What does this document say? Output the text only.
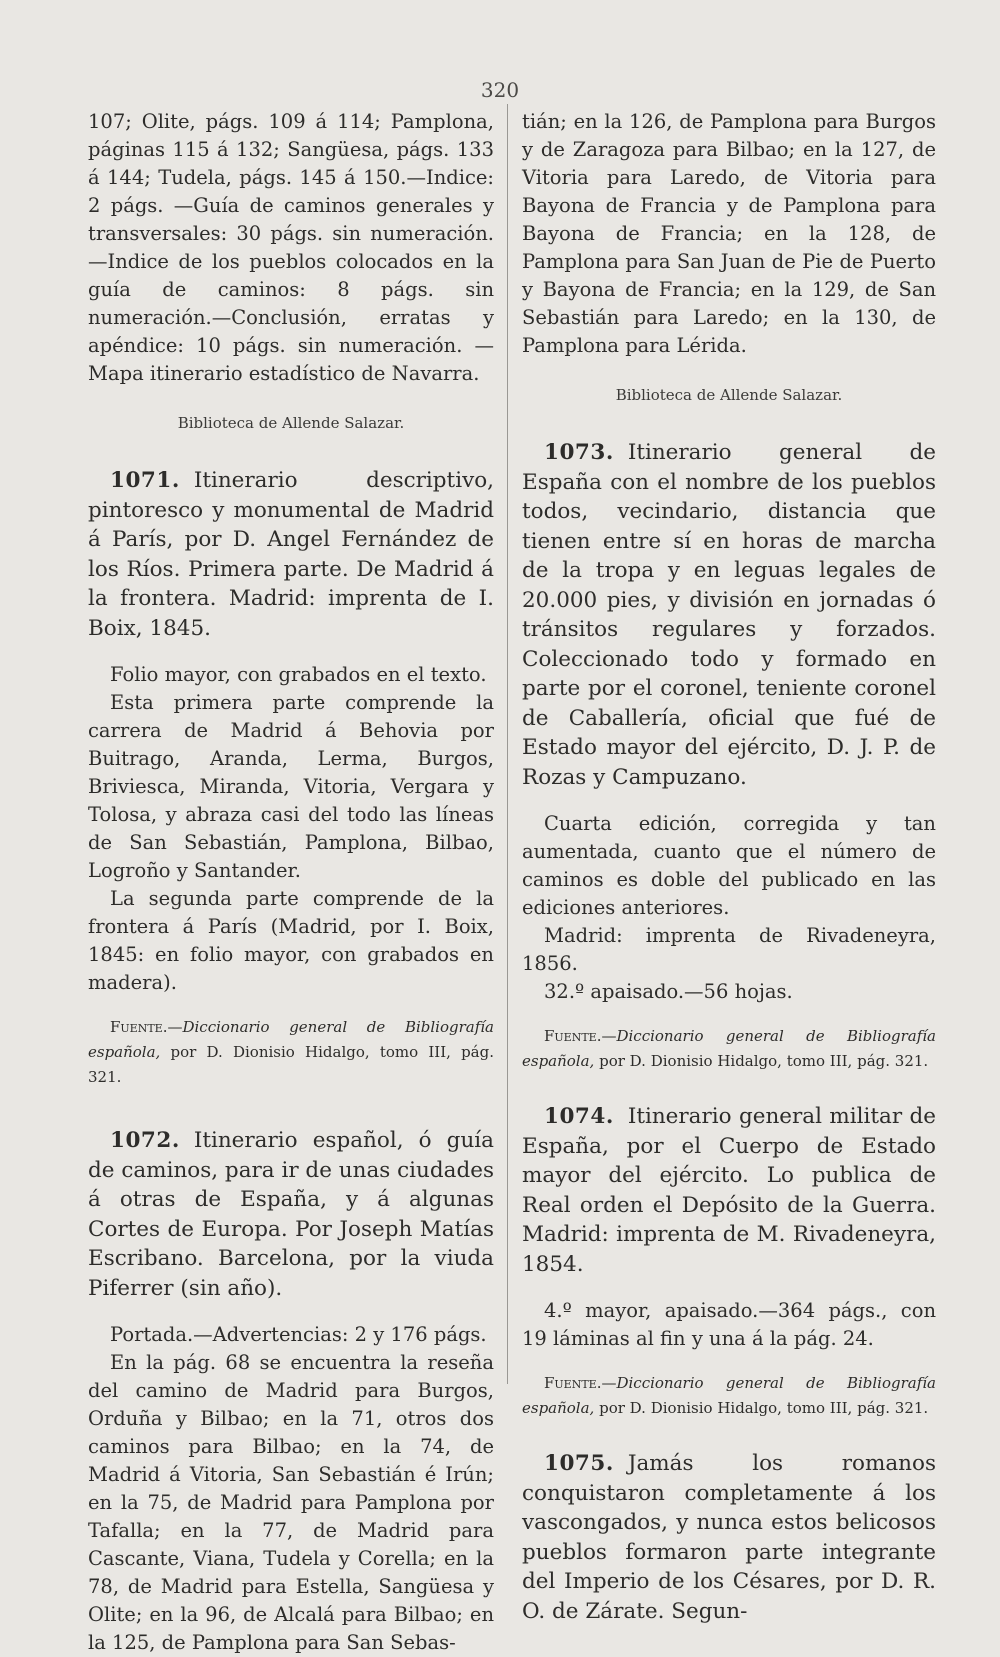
320

107; Olite, págs. 109 á 114; Pamplona, páginas 115 á 132; Sangüesa, págs. 133 á 144; Tudela, págs. 145 á 150.—Indice: 2 págs. —Guía de caminos generales y transversales: 30 págs. sin numeración.—Indice de los pueblos colocados en la guía de caminos: 8 págs. sin numeración.—Conclusión, erratas y apéndice: 10 págs. sin numeración. —Mapa itinerario estadístico de Navarra.

Biblioteca de Allende Salazar.

1071. Itinerario descriptivo, pintoresco y monumental de Madrid á París, por D. Angel Fernández de los Ríos. Primera parte. De Madrid á la frontera. Madrid: imprenta de I. Boix, 1845.

Folio mayor, con grabados en el texto.

Esta primera parte comprende la carrera de Madrid á Behovia por Buitrago, Aranda, Lerma, Burgos, Briviesca, Miranda, Vitoria, Vergara y Tolosa, y abraza casi del todo las líneas de San Sebastián, Pamplona, Bilbao, Logroño y Santander.

La segunda parte comprende de la frontera á París (Madrid, por I. Boix, 1845: en folio mayor, con grabados en madera).

Fuente.—Diccionario general de Bibliografía española, por D. Dionisio Hidalgo, tomo III, pág. 321.

1072. Itinerario español, ó guía de caminos, para ir de unas ciudades á otras de España, y á algunas Cortes de Europa. Por Joseph Matías Escribano. Barcelona, por la viuda Piferrer (sin año).

Portada.—Advertencias: 2 y 176 págs.

En la pág. 68 se encuentra la reseña del camino de Madrid para Burgos, Orduña y Bilbao; en la 71, otros dos caminos para Bilbao; en la 74, de Madrid á Vitoria, San Sebastián é Irún; en la 75, de Madrid para Pamplona por Tafalla; en la 77, de Madrid para Cascante, Viana, Tudela y Corella; en la 78, de Madrid para Estella, Sangüesa y Olite; en la 96, de Alcalá para Bilbao; en la 125, de Pamplona para San Sebas-

tián; en la 126, de Pamplona para Burgos y de Zaragoza para Bilbao; en la 127, de Vitoria para Laredo, de Vitoria para Bayona de Francia y de Pamplona para Bayona de Francia; en la 128, de Pamplona para San Juan de Pie de Puerto y Bayona de Francia; en la 129, de San Sebastián para Laredo; en la 130, de Pamplona para Lérida.

Biblioteca de Allende Salazar.

1073. Itinerario general de España con el nombre de los pueblos todos, vecindario, distancia que tienen entre sí en horas de marcha de la tropa y en leguas legales de 20.000 pies, y división en jornadas ó tránsitos regulares y forzados. Coleccionado todo y formado en parte por el coronel, teniente coronel de Caballería, oficial que fué de Estado mayor del ejército, D. J. P. de Rozas y Campuzano.

Cuarta edición, corregida y tan aumentada, cuanto que el número de caminos es doble del publicado en las ediciones anteriores.

Madrid: imprenta de Rivadeneyra, 1856.

32.º apaisado.—56 hojas.

Fuente.—Diccionario general de Bibliografía española, por D. Dionisio Hidalgo, tomo III, pág. 321.

1074. Itinerario general militar de España, por el Cuerpo de Estado mayor del ejército. Lo publica de Real orden el Depósito de la Guerra. Madrid: imprenta de M. Rivadeneyra, 1854.

4.º mayor, apaisado.—364 págs., con 19 láminas al fin y una á la pág. 24.

Fuente.—Diccionario general de Bibliografía española, por D. Dionisio Hidalgo, tomo III, pág. 321.

1075. Jamás los romanos conquistaron completamente á los vascongados, y nunca estos belicosos pueblos formaron parte integrante del Imperio de los Césares, por D. R. O. de Zárate. Segun-
